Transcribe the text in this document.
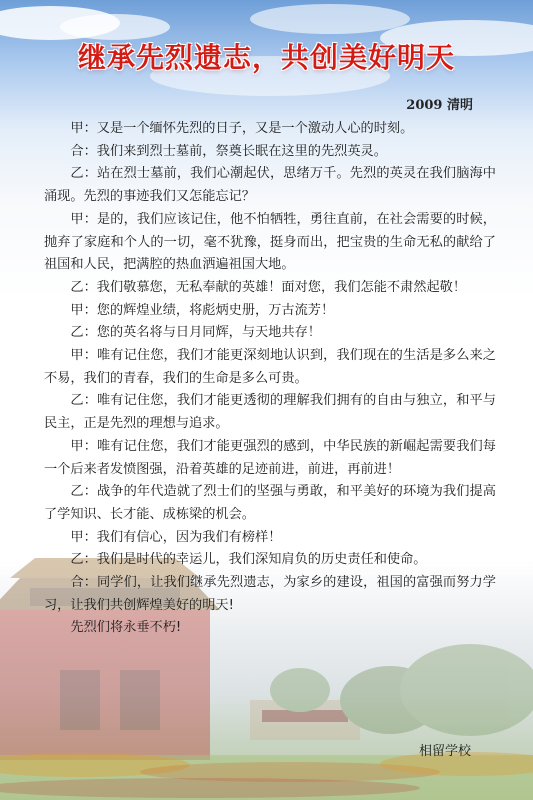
继承先烈遗志，共创美好明天
2009 清明

甲：又是一个缅怀先烈的日子，又是一个激动人心的时刻。

合：我们来到烈士墓前，祭奠长眠在这里的先烈英灵。

乙：站在烈士墓前，我们心潮起伏，思绪万千。先烈的英灵在我们脑海中涌现。先烈的事迹我们又怎能忘记？

甲：是的，我们应该记住，他不怕牺牲，勇往直前，在社会需要的时候，抛弃了家庭和个人的一切，毫不犹豫，挺身而出，把宝贵的生命无私的献给了祖国和人民，把满腔的热血洒遍祖国大地。

乙：我们敬慕您，无私奉献的英雄！面对您，我们怎能不肃然起敬！

甲：您的辉煌业绩，将彪炳史册，万古流芳！

乙：您的英名将与日月同辉，与天地共存！

甲：唯有记住您，我们才能更深刻地认识到，我们现在的生活是多么来之不易，我们的青春，我们的生命是多么可贵。

乙：唯有记住您，我们才能更透彻的理解我们拥有的自由与独立，和平与民主，正是先烈的理想与追求。

甲：唯有记住您，我们才能更强烈的感到，中华民族的新崛起需要我们每一个后来者发愤图强，沿着英雄的足迹前进，前进，再前进！

乙：战争的年代造就了烈士们的坚强与勇敢，和平美好的环境为我们提高了学知识、长才能、成栋梁的机会。

甲：我们有信心，因为我们有榜样！

乙：我们是时代的幸运儿，我们深知肩负的历史责任和使命。

合：同学们，让我们继承先烈遗志，为家乡的建设，祖国的富强而努力学习，让我们共创辉煌美好的明天!

先烈们将永垂不朽!

相留学校
